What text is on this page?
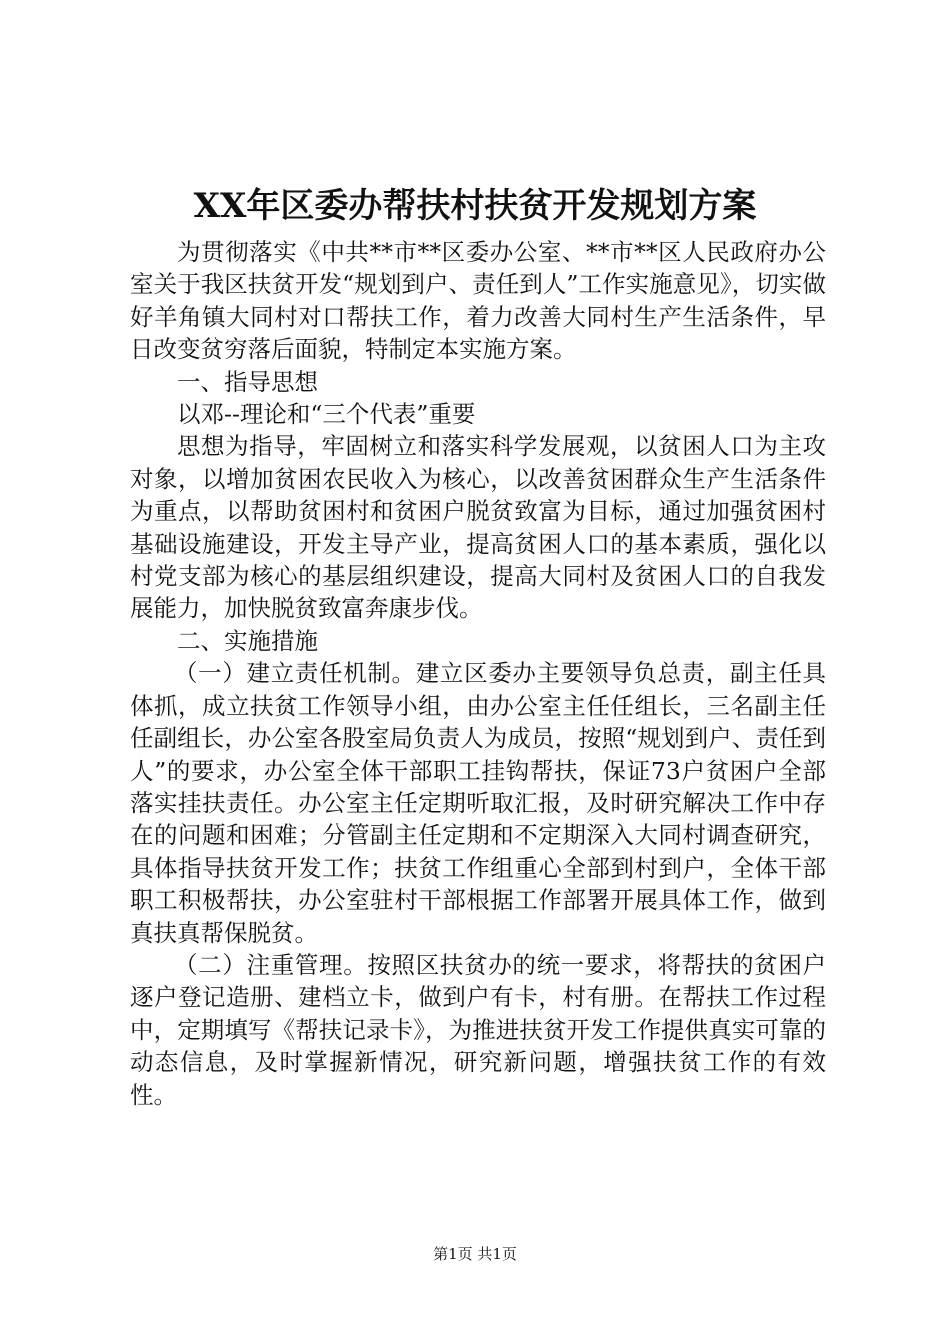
XX年区委办帮扶村扶贫开发规划方案

为贯彻落实《中共**市**区委办公室、**市**区人民政府办公室关于我区扶贫开发“规划到户、责任到人”工作实施意见》，切实做好羊角镇大同村对口帮扶工作，着力改善大同村生产生活条件，早日改变贫穷落后面貌，特制定本实施方案。

一、指导思想

以邓--理论和“三个代表”重要

思想为指导，牢固树立和落实科学发展观，以贫困人口为主攻对象，以增加贫困农民收入为核心，以改善贫困群众生产生活条件为重点，以帮助贫困村和贫困户脱贫致富为目标，通过加强贫困村基础设施建设，开发主导产业，提高贫困人口的基本素质，强化以村党支部为核心的基层组织建设，提高大同村及贫困人口的自我发展能力，加快脱贫致富奔康步伐。

二、实施措施

（一）建立责任机制。建立区委办主要领导负总责，副主任具体抓，成立扶贫工作领导小组，由办公室主任任组长，三名副主任任副组长，办公室各股室局负责人为成员，按照“规划到户、责任到人”的要求，办公室全体干部职工挂钩帮扶，保证73户贫困户全部落实挂扶责任。办公室主任定期听取汇报，及时研究解决工作中存在的问题和困难；分管副主任定期和不定期深入大同村调查研究，具体指导扶贫开发工作；扶贫工作组重心全部到村到户，全体干部职工积极帮扶，办公室驻村干部根据工作部署开展具体工作，做到真扶真帮保脱贫。

（二）注重管理。按照区扶贫办的统一要求，将帮扶的贫困户逐户登记造册、建档立卡，做到户有卡，村有册。在帮扶工作过程中，定期填写《帮扶记录卡》，为推进扶贫开发工作提供真实可靠的动态信息，及时掌握新情况，研究新问题，增强扶贫工作的有效性。

第1页 共1页
